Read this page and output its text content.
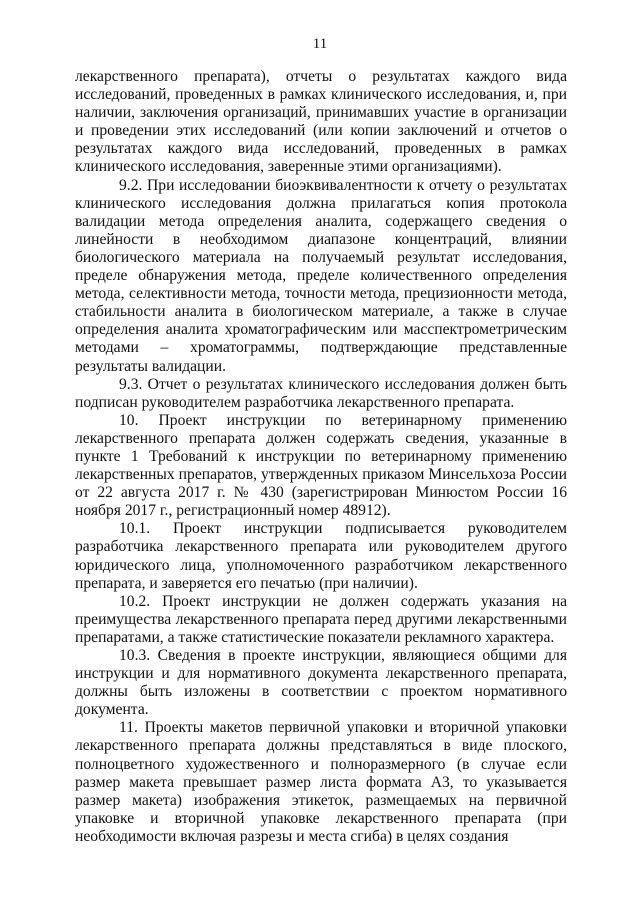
11

лекарственного препарата), отчеты о результатах каждого вида исследований, проведенных в рамках клинического исследования, и, при наличии, заключения организаций, принимавших участие в организации и проведении этих исследований (или копии заключений и отчетов о результатах каждого вида исследований, проведенных в рамках клинического исследования, заверенные этими организациями).

9.2. При исследовании биоэквивалентности к отчету о результатах клинического исследования должна прилагаться копия протокола валидации метода определения аналита, содержащего сведения о линейности в необходимом диапазоне концентраций, влиянии биологического материала на получаемый результат исследования, пределе обнаружения метода, пределе количественного определения метода, селективности метода, точности метода, прецизионности метода, стабильности аналита в биологическом материале, а также в случае определения аналита хроматографическим или масспектрометрическим методами – хроматограммы, подтверждающие представленные результаты валидации.

9.3. Отчет о результатах клинического исследования должен быть подписан руководителем разработчика лекарственного препарата.

10. Проект инструкции по ветеринарному применению лекарственного препарата должен содержать сведения, указанные в пункте 1 Требований к инструкции по ветеринарному применению лекарственных препаратов, утвержденных приказом Минсельхоза России от 22 августа 2017 г. № 430 (зарегистрирован Минюстом России 16 ноября 2017 г., регистрационный номер 48912).

10.1. Проект инструкции подписывается руководителем разработчика лекарственного препарата или руководителем другого юридического лица, уполномоченного разработчиком лекарственного препарата, и заверяется его печатью (при наличии).

10.2. Проект инструкции не должен содержать указания на преимущества лекарственного препарата перед другими лекарственными препаратами, а также статистические показатели рекламного характера.

10.3. Сведения в проекте инструкции, являющиеся общими для инструкции и для нормативного документа лекарственного препарата, должны быть изложены в соответствии с проектом нормативного документа.

11. Проекты макетов первичной упаковки и вторичной упаковки лекарственного препарата должны представляться в виде плоского, полноцветного художественного и полноразмерного (в случае если размер макета превышает размер листа формата А3, то указывается размер макета) изображения этикеток, размещаемых на первичной упаковке и вторичной упаковке лекарственного препарата (при необходимости включая разрезы и места сгиба) в целях создания
